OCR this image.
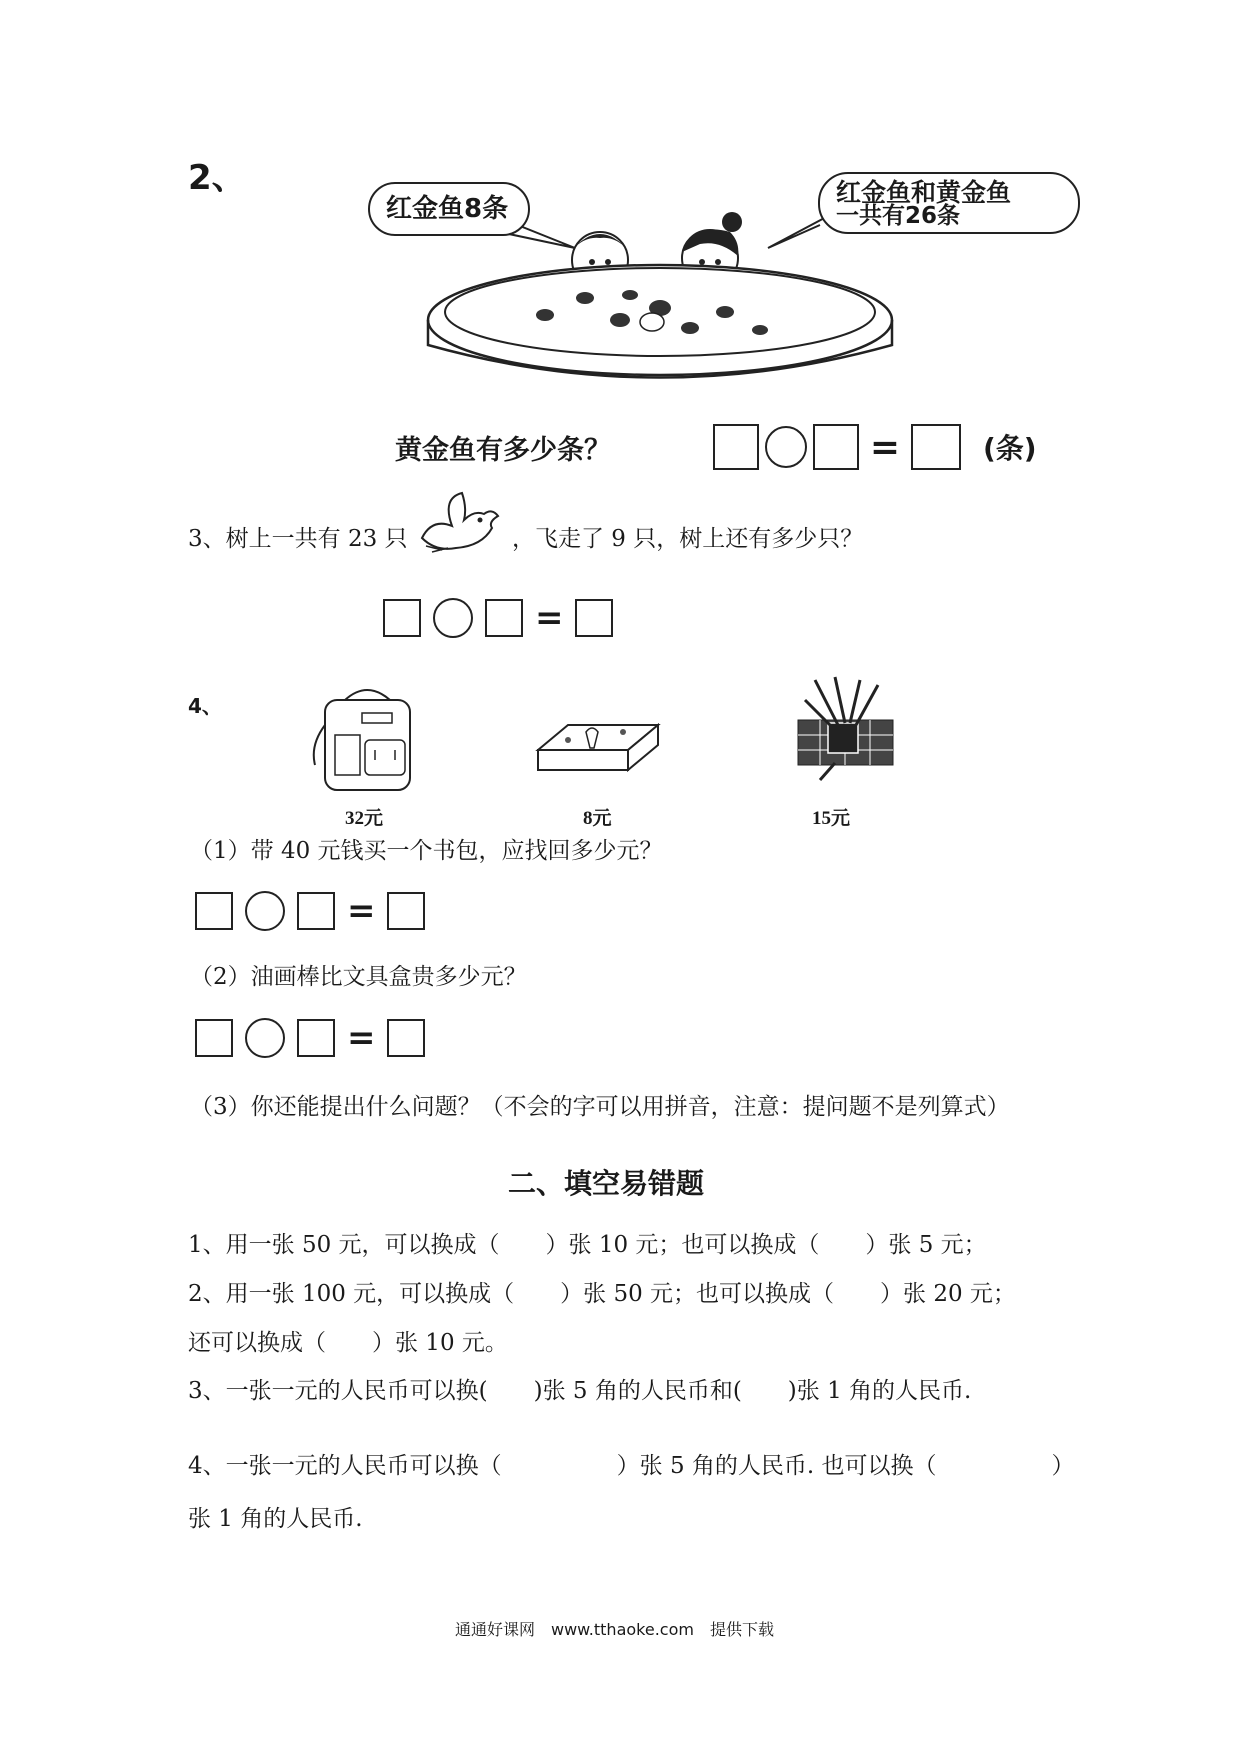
2、
红金鱼8条
红金鱼和黄金鱼
一共有26条
黄金鱼有多少条？	=	(条)
3、树上一共有 23 只	，飞走了 9 只，树上还有多少只？
=
4、
32元	8元	15元
（1）带 40 元钱买一个书包，应找回多少元？
=
（2）油画棒比文具盒贵多少元？
=
（3）你还能提出什么问题？（不会的字可以用拼音，注意：提问题不是列算式）
二、填空易错题
1、用一张 50 元，可以换成（　　）张 10 元；也可以换成（　　）张 5 元；
2、用一张 100 元，可以换成（　　）张 50 元；也可以换成（　　）张 20 元；
还可以换成（　　）张 10 元。
3、一张一元的人民币可以换(　　)张 5 角的人民币和(　　)张 1 角的人民币.
4、一张一元的人民币可以换（　　　　　）张 5 角的人民币. 也可以换（　　　　　）
张 1 角的人民币.
通通好课网　www.tthaoke.com　提供下载
